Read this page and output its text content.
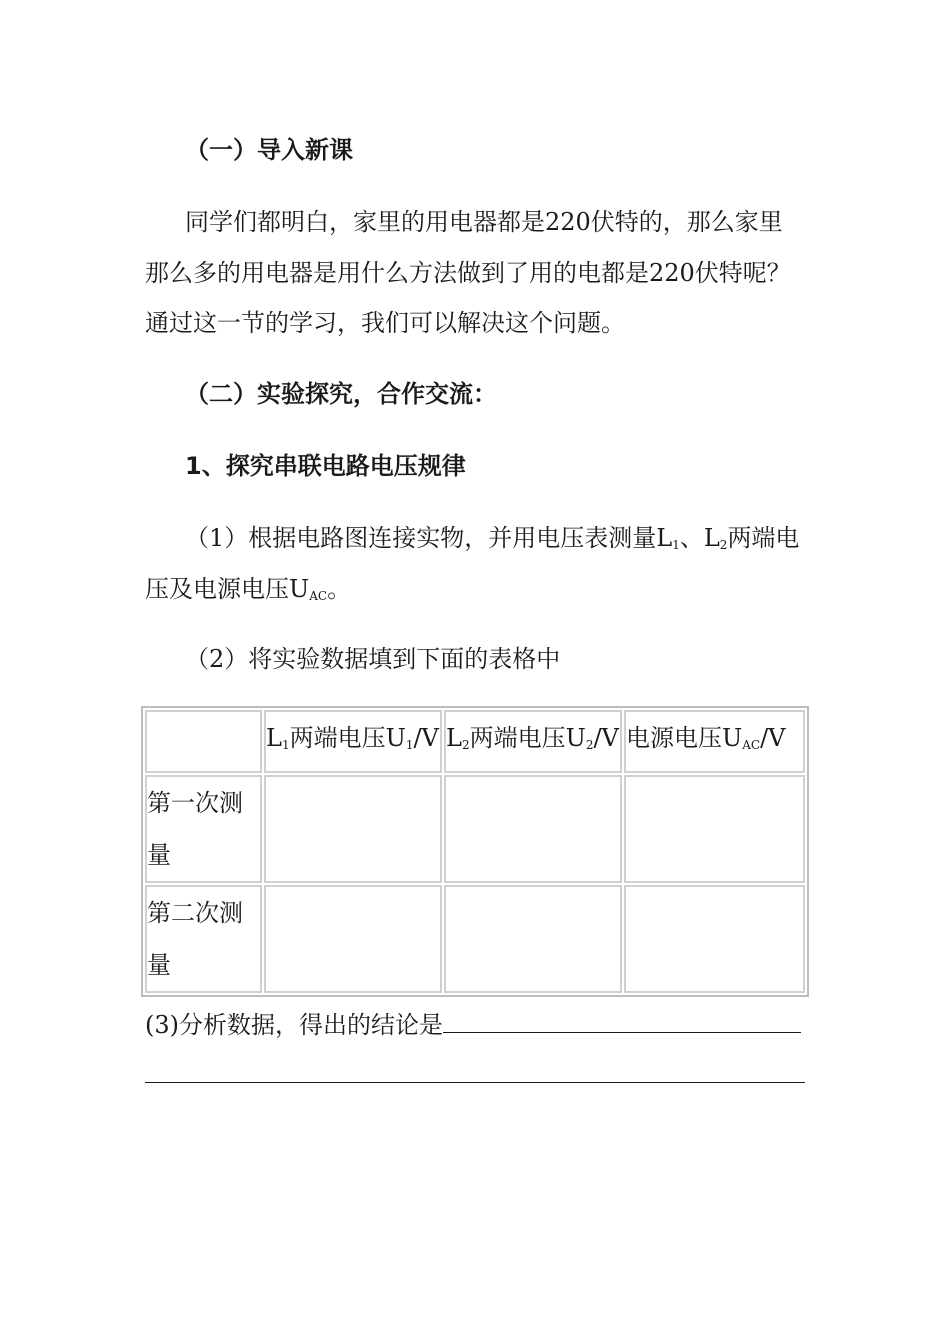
（一）导入新课
同学们都明白，家里的用电器都是220伏特的，那么家里
那么多的用电器是用什么方法做到了用的电都是220伏特呢？
通过这一节的学习，我们可以解决这个问题。
（二）实验探究，合作交流：
1、探究串联电路电压规律
（1）根据电路图连接实物，并用电压表测量$L_1$、$L_2$两端电
压及电源电压$U_{AC}$。
（2）将实验数据填到下面的表格中
	$L_1$两端电压$U_1/V$	$L_2$两端电压$U_2/V$	电源电压$U_{AC}/V$
第一次测量			
第二次测量			
(3)分析数据，得出的结论是
